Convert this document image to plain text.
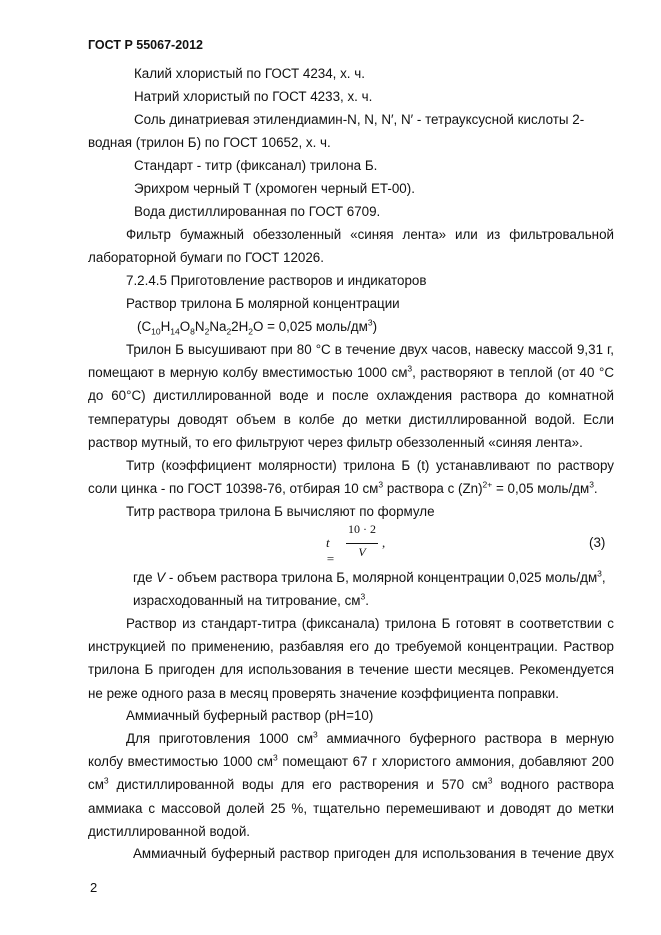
ГОСТ Р 55067-2012
Калий хлористый по ГОСТ 4234, х. ч.
Натрий хлористый по ГОСТ 4233, х. ч.
Соль динатриевая этилендиамин-N, N, N′, N′ - тетрауксусной кислоты 2-
водная (трилон Б) по ГОСТ 10652, х. ч.
Стандарт - титр (фиксанал) трилона Б.
Эрихром черный Т (хромоген черный ET-00).
Вода дистиллированная по ГОСТ 6709.
Фильтр бумажный обеззоленный «синяя лента» или из фильтровальной лабораторной бумаги по ГОСТ 12026.
7.2.4.5 Приготовление растворов и индикаторов
Раствор трилона Б молярной концентрации
($C_{10}H_{14}O_8N_2Na_22H_2O = 0,025$ моль/$дм^3$)
Трилон Б высушивают при 80 °С в течение двух часов, навеску массой 9,31 г, помещают в мерную колбу вместимостью 1000 $см^3$, растворяют в теплой (от 40 °С до 60°С) дистиллированной воде и после охлаждения раствора до комнатной температуры доводят объем в колбе до метки дистиллированной водой. Если раствор мутный, то его фильтруют через фильтр обеззоленный «синяя лента».
Титр (коэффициент молярности) трилона Б (t) устанавливают по раствору соли цинка ‐ по ГОСТ 10398-76, отбирая 10 $см^3$ раствора с $(Zn)^{2+} = 0,05$ моль/$дм^3$.
Титр раствора трилона Б вычисляют по формуле
t =
10 · 2
V
,	(3)
где V - объем раствора трилона Б, молярной концентрации 0,025 моль/$дм^3$,
израсходованный на титрование, $см^3$.
Раствор из стандарт-титра (фиксанала) трилона Б готовят в соответствии с инструкцией по применению, разбавляя его до требуемой концентрации. Раствор трилона Б пригоден для использования в течение шести месяцев. Рекомендуется не реже одного раза в месяц проверять значение коэффициента поправки.
Аммиачный буферный раствор (pH=10)
Для приготовления 1000 $см^3$ аммиачного буферного раствора в мерную колбу вместимостью 1000 $см^3$ помещают 67 г хлористого аммония, добавляют 200 $см^3$ дистиллированной воды для его растворения и 570 $см^3$ водного раствора аммиака с массовой долей 25 %, тщательно перемешивают и доводят до метки дистиллированной водой.
Аммиачный буферный раствор пригоден для использования в течение двух
2
